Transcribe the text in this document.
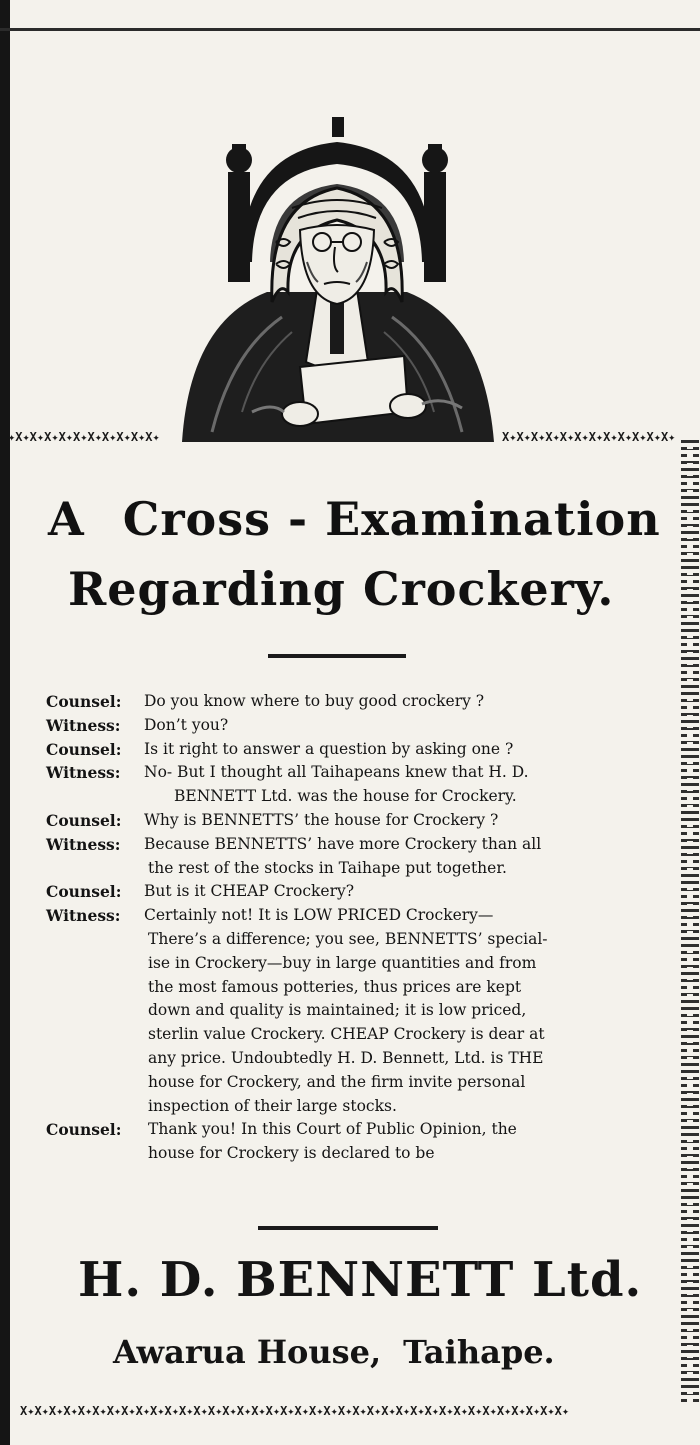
✦X✦X✦X✦X✦X✦X✦X✦X✦X✦X✦	X✦X✦X✦X✦X✦X✦X✦X✦X✦X✦X✦X✦
X✦X✦X✦X✦X✦X✦X✦X✦X✦X✦X✦X✦X✦X✦X✦X✦X✦X✦X✦X✦X✦X✦X✦X✦X✦X✦X✦X✦X✦X✦X✦X✦X✦X✦X✦X✦X✦X✦
A Cross - Examination
Regarding Crockery.
Counsel:	Do you know where to buy good crockery ?
Witness:	Don’t you?
Counsel:	Is it right to answer a question by asking one ?
Witness:	No- But I thought all Taihapeans knew that H. D.
BENNETT Ltd. was the house for Crockery.
Counsel:	Why is BENNETTS’ the house for Crockery ?
Witness:	Because BENNETTS’ have more Crockery than all
the rest of the stocks in Taihape put together.
Counsel:	But is it CHEAP Crockery?
Witness:	Certainly not! It is LOW PRICED Crockery—
There’s a difference; you see, BENNETTS’ special-
ise in Crockery—buy in large quantities and from
the most famous potteries, thus prices are kept
down and quality is maintained; it is low priced,
sterlin value Crockery. CHEAP Crockery is dear at
any price. Undoubtedly H. D. Bennett, Ltd. is THE
house for Crockery, and the firm invite personal
inspection of their large stocks.
Counsel:	Thank you! In this Court of Public Opinion, the
house for Crockery is declared to be
H. D. BENNETT Ltd.
Awarua House, Taihape.
